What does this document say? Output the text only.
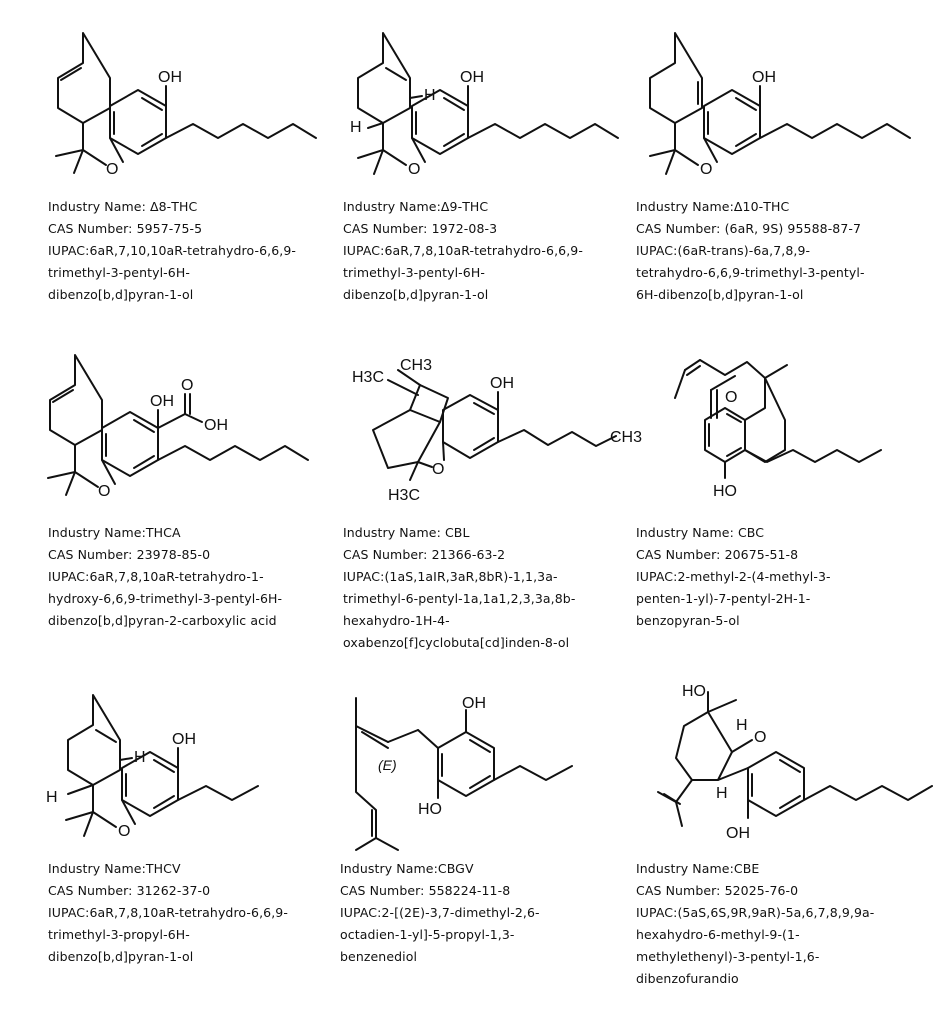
OH
O
Industry Name: Δ8-THC
CAS Number: 5957-75-5
IUPAC:6aR,7,10,10aR-tetrahydro-6,6,9-
trimethyl-3-pentyl-6H-
dibenzo[b,d]pyran-1-ol
OH
H
H
O
Industry Name:Δ9-THC
CAS Number: 1972-08-3
IUPAC:6aR,7,8,10aR-tetrahydro-6,6,9-
trimethyl-3-pentyl-6H-
dibenzo[b,d]pyran-1-ol
OH
O
Industry Name:Δ10-THC
CAS Number: (6aR, 9S) 95588-87-7
IUPAC:(6aR-trans)-6a,7,8,9-
tetrahydro-6,6,9-trimethyl-3-pentyl-
6H-dibenzo[b,d]pyran-1-ol
OH
O
OH
O
Industry Name:THCA
CAS Number: 23978-85-0
IUPAC:6aR,7,8,10aR-tetrahydro-1-
hydroxy-6,6,9-trimethyl-3-pentyl-6H-
dibenzo[b,d]pyran-2-carboxylic acid
H3C
CH3
OH
H3C
O
CH3
Industry Name: CBL
CAS Number: 21366-63-2
IUPAC:(1aS,1aIR,3aR,8bR)-1,1,3a-
trimethyl-6-pentyl-1a,1a1,2,3,3a,8b-
hexahydro-1H-4-
oxabenzo[f]cyclobuta[cd]inden-8-ol
O
HO
Industry Name: CBC
CAS Number: 20675-51-8
IUPAC:2-methyl-2-(4-methyl-3-
penten-1-yl)-7-pentyl-2H-1-
benzopyran-5-ol
OH
H
H
O
Industry Name:THCV
CAS Number: 31262-37-0
IUPAC:6aR,7,8,10aR-tetrahydro-6,6,9-
trimethyl-3-propyl-6H-
dibenzo[b,d]pyran-1-ol
OH
(E)
HO
Industry Name:CBGV
CAS Number: 558224-11-8
IUPAC:2-[(2E)-3,7-dimethyl-2,6-
octadien-1-yl]-5-propyl-1,3-
benzenediol
HO
H
O
H
OH
Industry Name:CBE
CAS Number: 52025-76-0
IUPAC:(5aS,6S,9R,9aR)-5a,6,7,8,9,9a-
hexahydro-6-methyl-9-(1-
methylethenyl)-3-pentyl-1,6-
dibenzofurandio
